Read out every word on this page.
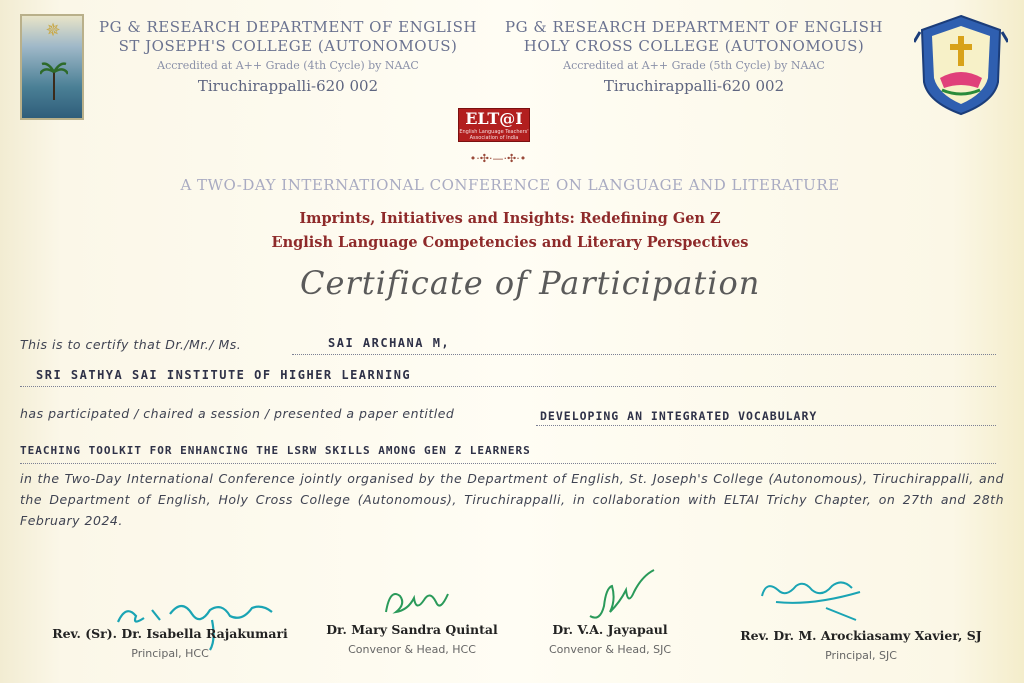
✵	PG & RESEARCH DEPARTMENT OF ENGLISH
ST JOSEPH'S COLLEGE (AUTONOMOUS)
Accredited at A++ Grade (4th Cycle) by NAAC
Tiruchirappalli-620 002
PG & RESEARCH DEPARTMENT OF ENGLISH
HOLY CROSS COLLEGE (AUTONOMOUS)
Accredited at A++ Grade (5th Cycle) by NAAC
Tiruchirappalli-620 002
ELT@I
English Language Teachers' Association of India
•·✣·—·✣·•
A TWO-DAY INTERNATIONAL CONFERENCE ON LANGUAGE AND LITERATURE
Imprints, Initiatives and Insights: Redefining Gen Z
English Language Competencies and Literary Perspectives
Certificate of Participation
This is to certify that Dr./Mr./ Ms.	SAI ARCHANA M,
SRI SATHYA SAI INSTITUTE OF HIGHER LEARNING
has participated / chaired a session / presented a paper entitled	DEVELOPING AN INTEGRATED VOCABULARY
TEACHING TOOLKIT FOR ENHANCING THE LSRW SKILLS AMONG GEN Z LEARNERS
in the Two-Day International Conference jointly organised by the Department of English, St. Joseph's College (Autonomous), Tiruchirappalli, and the Department of English, Holy Cross College (Autonomous), Tiruchirappalli, in collaboration with ELTAI Trichy Chapter, on 27th and 28th February 2024.
Rev. (Sr). Dr. Isabella Rajakumari
Principal, HCC
Dr. Mary Sandra Quintal
Convenor & Head, HCC
Dr. V.A. Jayapaul
Convenor & Head, SJC
Rev. Dr. M. Arockiasamy Xavier, SJ
Principal, SJC
